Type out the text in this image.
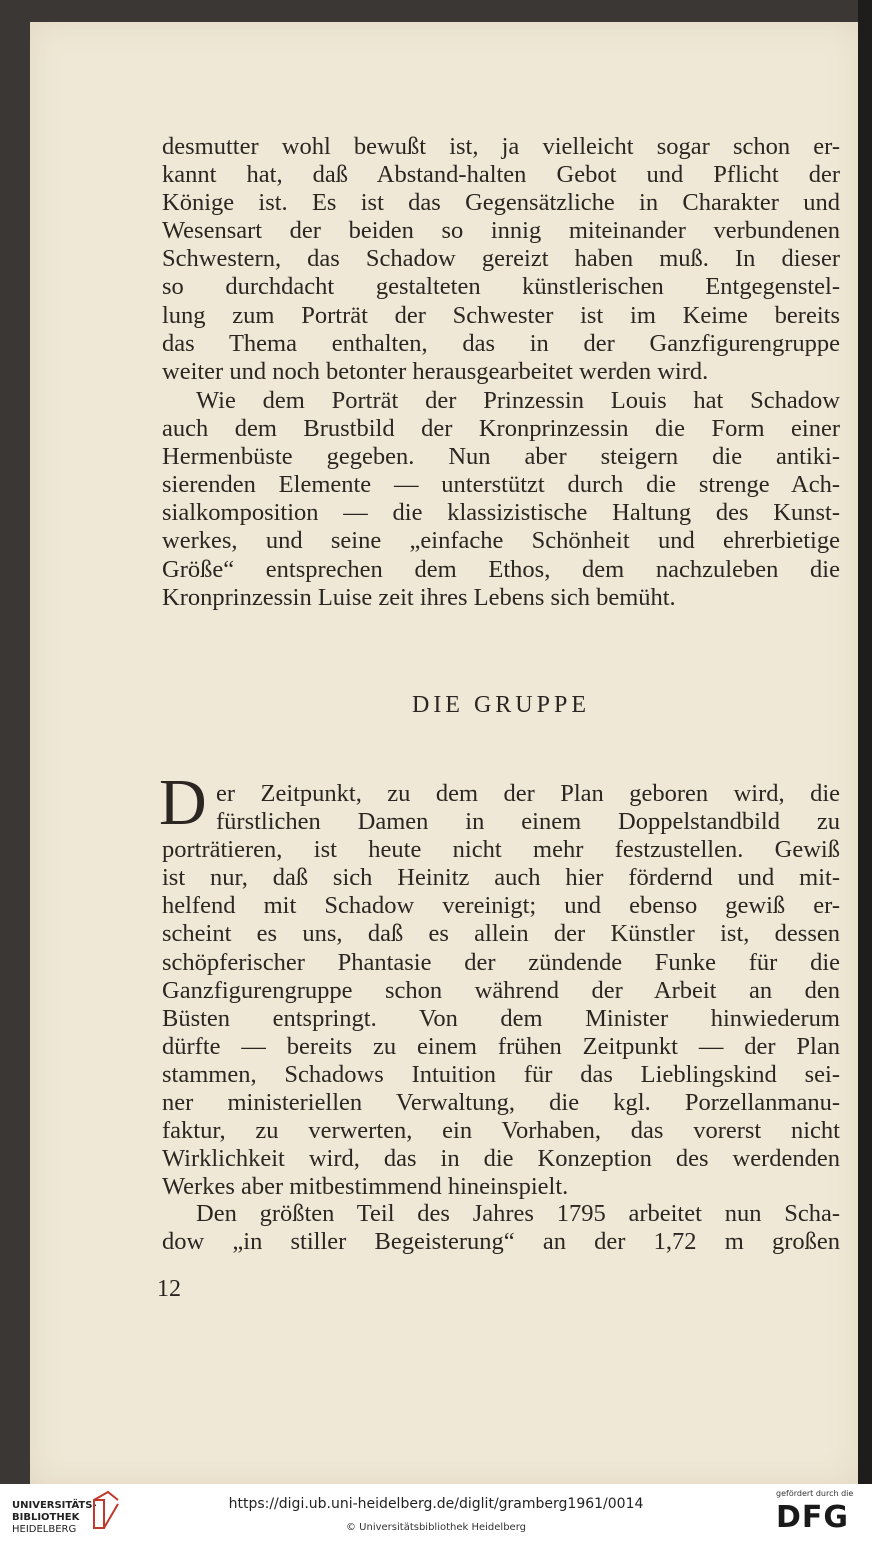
desmutter wohl bewußt ist, ja vielleicht sogar schon er-
kannt hat, daß Abstand-halten Gebot und Pflicht der
Könige ist. Es ist das Gegensätzliche in Charakter und
Wesensart der beiden so innig miteinander verbundenen
Schwestern, das Schadow gereizt haben muß. In dieser
so durchdacht gestalteten künstlerischen Entgegenstel-
lung zum Porträt der Schwester ist im Keime bereits
das Thema enthalten, das in der Ganzfigurengruppe
weiter und noch betonter herausgearbeitet werden wird.
Wie dem Porträt der Prinzessin Louis hat Schadow
auch dem Brustbild der Kronprinzessin die Form einer
Hermenbüste gegeben. Nun aber steigern die antiki-
sierenden Elemente — unterstützt durch die strenge Ach-
sialkomposition — die klassizistische Haltung des Kunst-
werkes, und seine „einfache Schönheit und ehrerbietige
Größe“ entsprechen dem Ethos, dem nachzuleben die
Kronprinzessin Luise zeit ihres Lebens sich bemüht.
DIE GRUPPE
D er Zeitpunkt, zu dem der Plan geboren wird, die
fürstlichen Damen in einem Doppelstandbild zu
porträtieren, ist heute nicht mehr festzustellen. Gewiß
ist nur, daß sich Heinitz auch hier fördernd und mit-
helfend mit Schadow vereinigt; und ebenso gewiß er-
scheint es uns, daß es allein der Künstler ist, dessen
schöpferischer Phantasie der zündende Funke für die
Ganzfigurengruppe schon während der Arbeit an den
Büsten entspringt. Von dem Minister hinwiederum
dürfte — bereits zu einem frühen Zeitpunkt — der Plan
stammen, Schadows Intuition für das Lieblingskind sei-
ner ministeriellen Verwaltung, die kgl. Porzellanmanu-
faktur, zu verwerten, ein Vorhaben, das vorerst nicht
Wirklichkeit wird, das in die Konzeption des werdenden
Werkes aber mitbestimmend hineinspielt.
Den größten Teil des Jahres 1795 arbeitet nun Scha-
dow „in stiller Begeisterung“ an der 1,72 m großen
12
UNIVERSITÄTS-
BIBLIOTHEK
HEIDELBERG
https://digi.ub.uni-heidelberg.de/diglit/gramberg1961/0014
© Universitätsbibliothek Heidelberg
gefördert durch die
DFG
